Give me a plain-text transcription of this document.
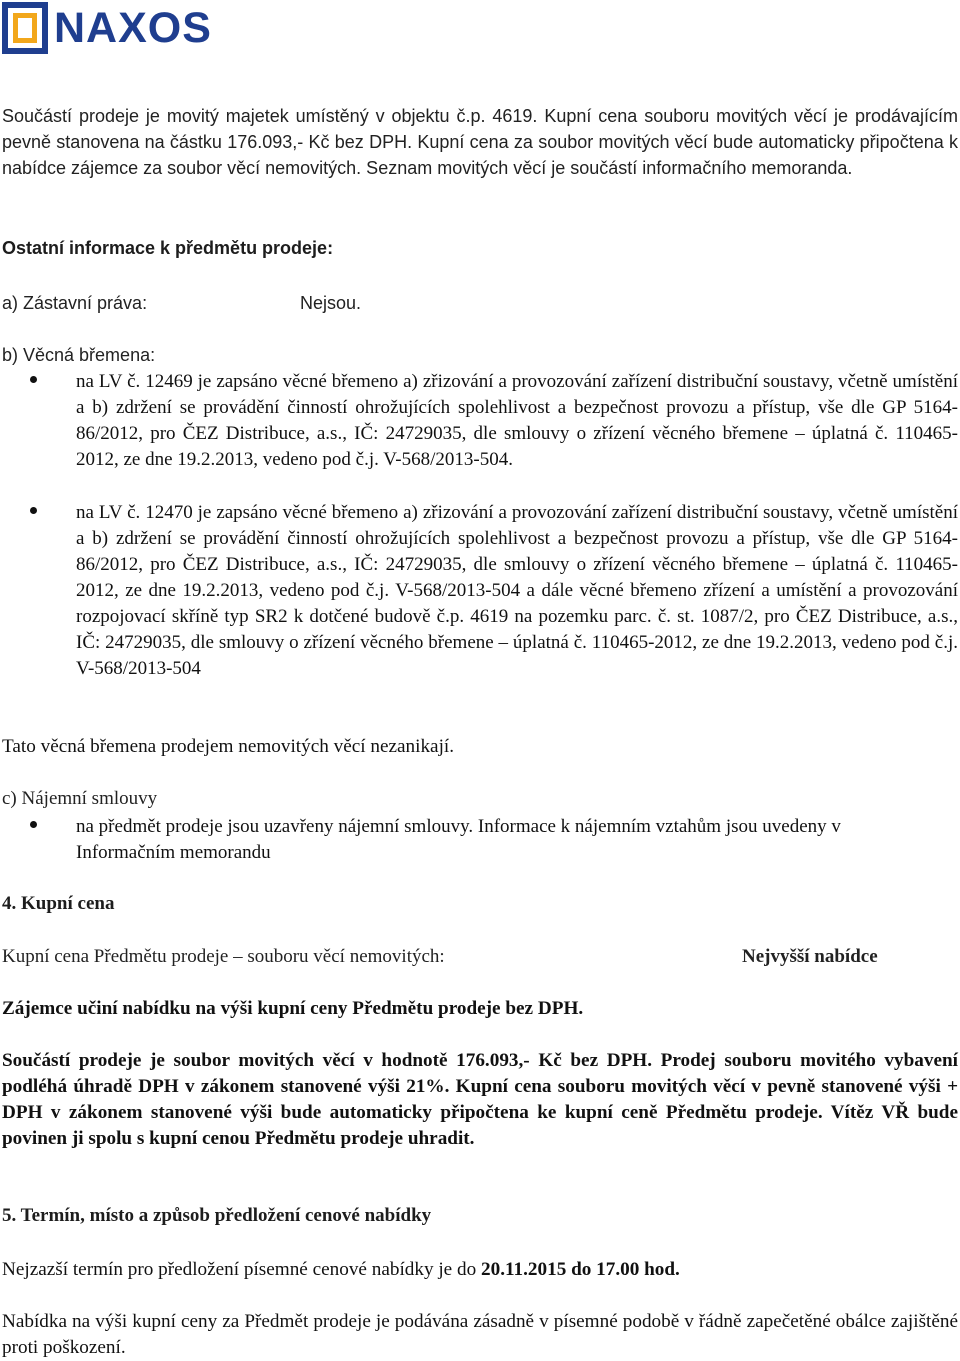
NAXOS
Součástí prodeje je movitý majetek umístěný v objektu č.p. 4619. Kupní cena souboru movitých věcí je prodávajícím pevně stanovena na částku 176.093,- Kč bez DPH. Kupní cena za soubor movitých věcí bude automaticky připočtena k nabídce zájemce za soubor věcí nemovitých. Seznam movitých věcí je součástí informačního memoranda.
Ostatní informace k předmětu prodeje:
a) Zástavní práva:	Nejsou.
b) Věcná břemena:
na LV č. 12469 je zapsáno věcné břemeno a) zřizování a provozování zařízení distribuční soustavy, včetně umístění a b) zdržení se provádění činností ohrožujících spolehlivost a bezpečnost provozu a přístup, vše dle GP 5164-86/2012, pro ČEZ Distribuce, a.s., IČ: 24729035, dle smlouvy o zřízení věcného břemene – úplatná č. 110465-2012, ze dne 19.2.2013, vedeno pod č.j. V-568/2013-504.
na LV č. 12470 je zapsáno věcné břemeno a) zřizování a provozování zařízení distribuční soustavy, včetně umístění a b) zdržení se provádění činností ohrožujících spolehlivost a bezpečnost provozu a přístup, vše dle GP 5164-86/2012, pro ČEZ Distribuce, a.s., IČ: 24729035, dle smlouvy o zřízení věcného břemene – úplatná č. 110465-2012, ze dne 19.2.2013, vedeno pod č.j. V-568/2013-504 a dále věcné břemeno zřízení a umístění a provozování rozpojovací skříně typ SR2 k dotčené budově č.p. 4619 na pozemku parc. č. st. 1087/2, pro ČEZ Distribuce, a.s., IČ: 24729035, dle smlouvy o zřízení věcného břemene – úplatná č. 110465-2012, ze dne 19.2.2013, vedeno pod č.j. V-568/2013-504
Tato věcná břemena prodejem nemovitých věcí nezanikají.
c) Nájemní smlouvy
na předmět prodeje jsou uzavřeny nájemní smlouvy. Informace k nájemním vztahům jsou uvedeny v Informačním memorandu
4. Kupní cena
Kupní cena Předmětu prodeje – souboru věcí nemovitých:	Nejvyšší nabídce
Zájemce učiní nabídku na výši kupní ceny Předmětu prodeje bez DPH.
Součástí prodeje je soubor movitých věcí v hodnotě 176.093,- Kč bez DPH. Prodej souboru movitého vybavení podléhá úhradě DPH v zákonem stanovené výši 21%. Kupní cena souboru movitých věcí v pevně stanovené výši + DPH v zákonem stanovené výši bude automaticky připočtena ke kupní ceně Předmětu prodeje. Vítěz VŘ bude povinen ji spolu s kupní cenou Předmětu prodeje uhradit.
5. Termín, místo a způsob předložení cenové nabídky
Nejzazší termín pro předložení písemné cenové nabídky je do 20.11.2015 do 17.00 hod.
Nabídka na výši kupní ceny za Předmět prodeje je podávána zásadně v písemné podobě v řádně zapečetěné obálce zajištěné proti poškození.
